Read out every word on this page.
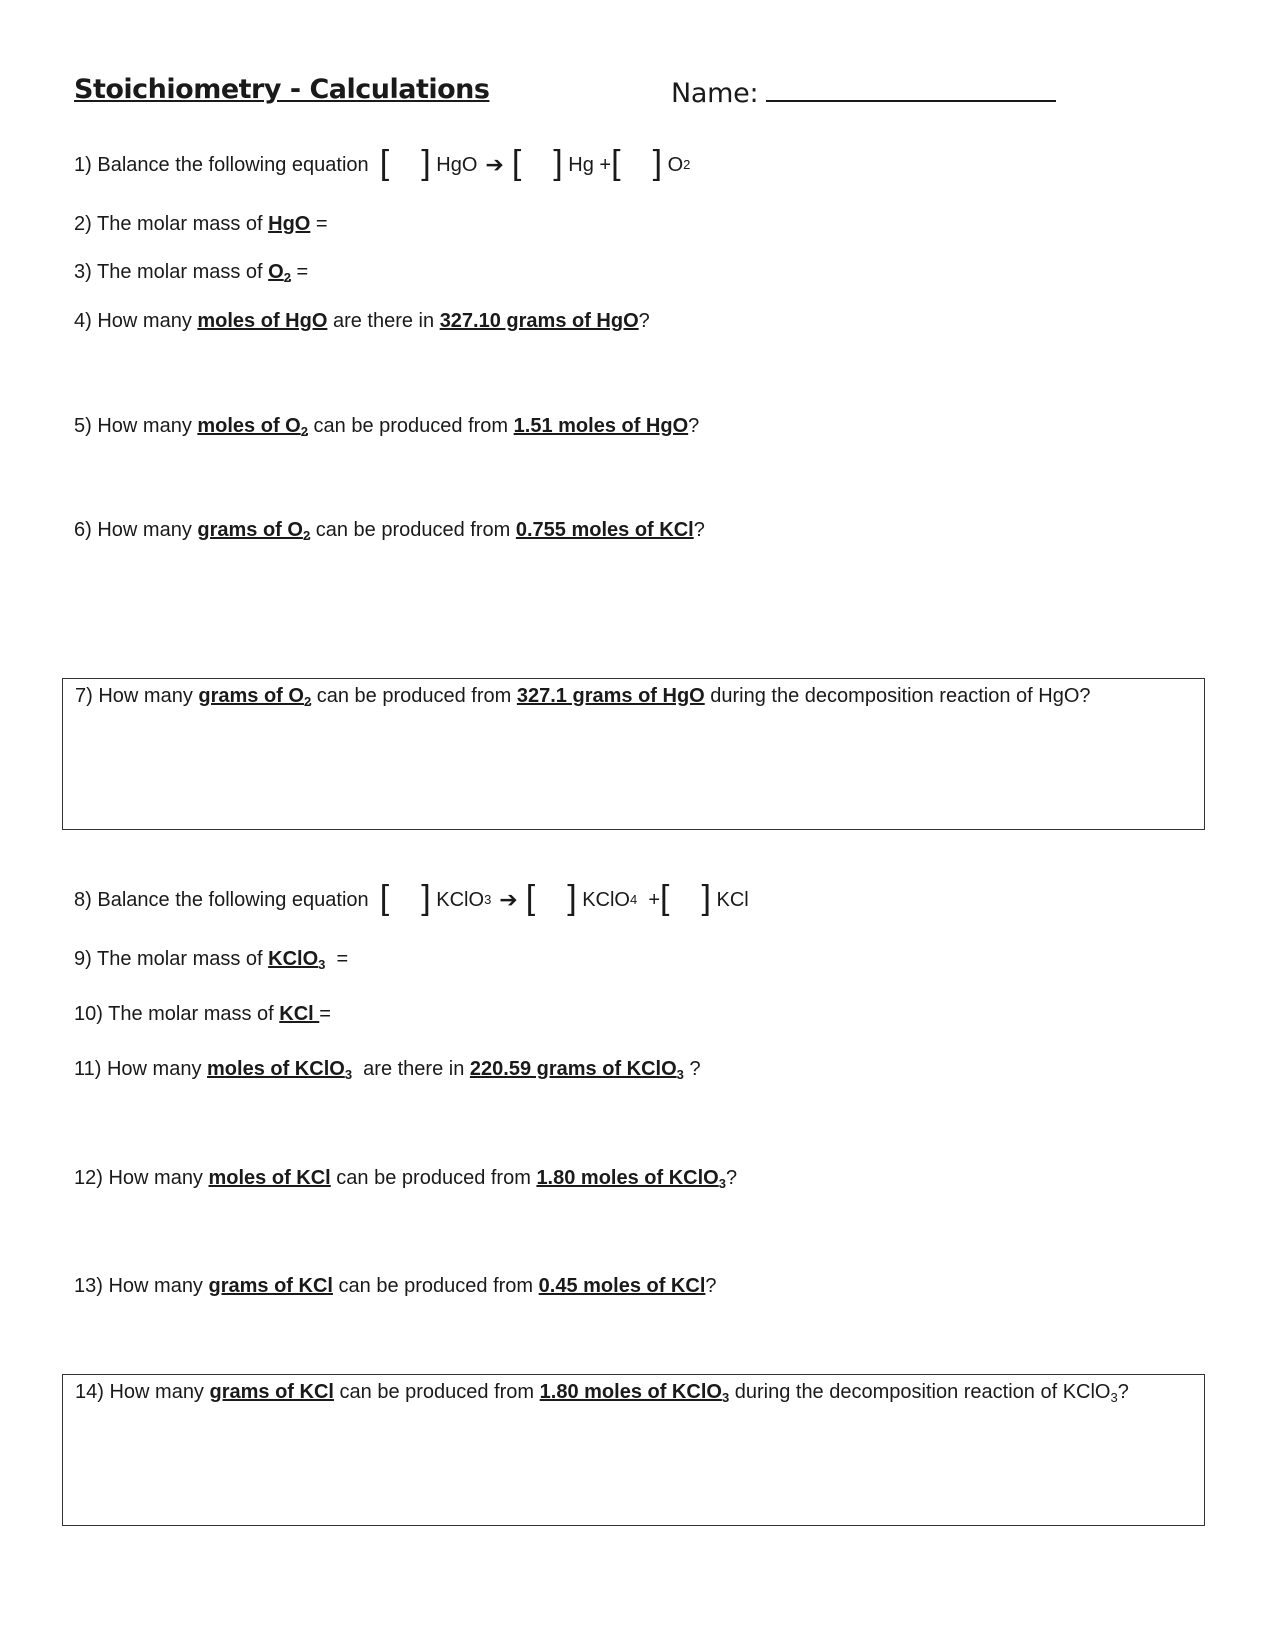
Stoichiometry - Calculations	Name:
1)
Balance the following equation
[ ]
HgO ➔ [ ]
Hg + [ ]
O 2
2) The molar mass of HgO =
3) The molar mass of $O_2$ =
4) How many moles of HgO are there in 327.10 grams of HgO?
5) How many moles of $O_2$ can be produced from 1.51 moles of HgO?
6) How many grams of $O_2$ can be produced from 0.755 moles of KCl?
7) How many grams of $O_2$ can be produced from 327.1 grams of HgO during the decomposition reaction of HgO?
8)
Balance the following equation
[ ]
KClO 3 ➔ [ ]
KClO 4
+ [ ]
KCl
9) The molar mass of KClO$_3$  =
10) The molar mass of KCl =
11) How many moles of KClO$_3$  are there in 220.59 grams of KClO$_3$ ?
12) How many moles of KCl can be produced from 1.80 moles of KClO$_3$?
13) How many grams of KCl can be produced from 0.45 moles of KCl?
14) How many grams of KCl can be produced from 1.80 moles of KClO$_3$ during the decomposition reaction of KClO$_3$?
